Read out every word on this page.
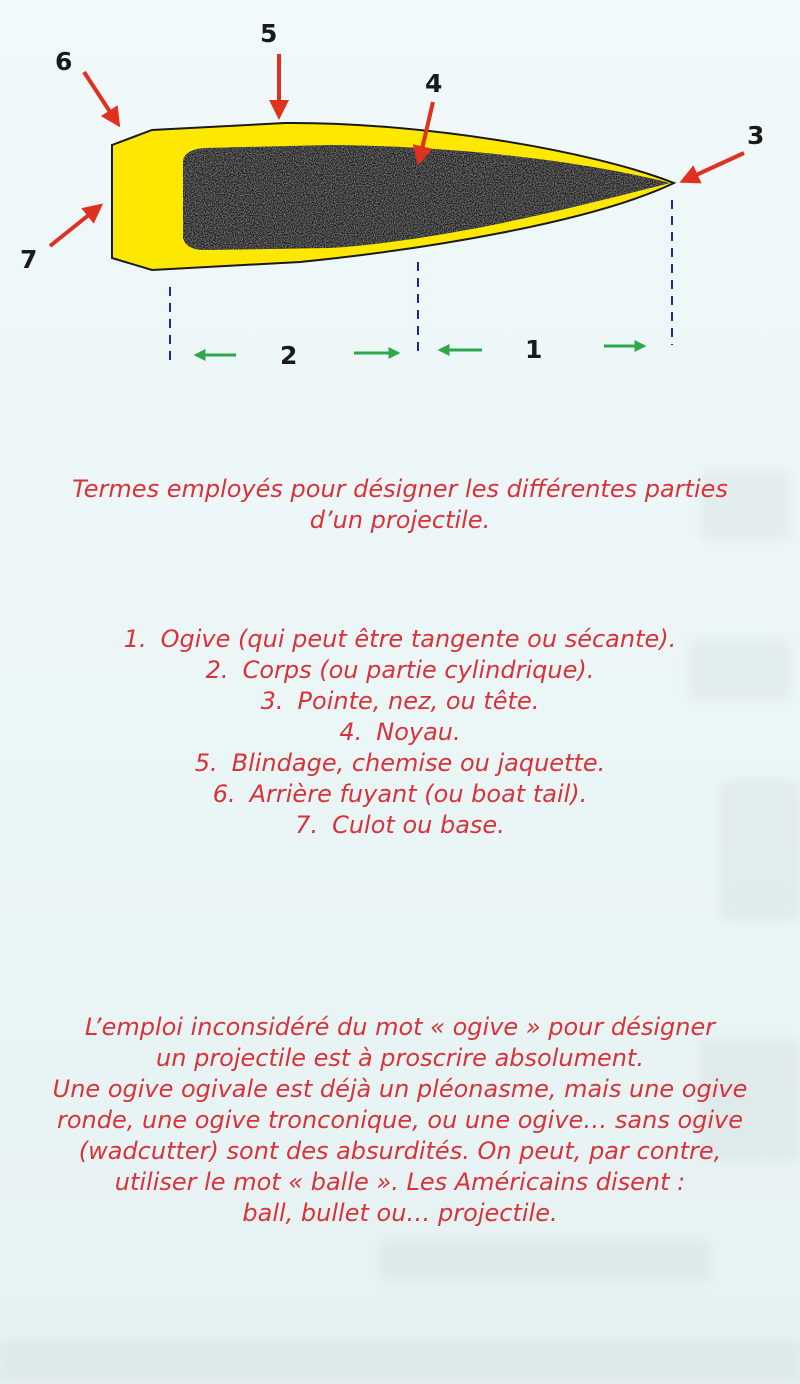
6
5
4
3
7
2	1

Termes employés pour désigner les différentes parties
d’un projectile.

1. Ogive (qui peut être tangente ou sécante).
2. Corps (ou partie cylindrique).
3. Pointe, nez, ou tête.
4. Noyau.
5. Blindage, chemise ou jaquette.
6. Arrière fuyant (ou boat tail).
7. Culot ou base.

L’emploi inconsidéré du mot « ogive » pour désigner
un projectile est à proscrire absolument.
Une ogive ogivale est déjà un pléonasme, mais une ogive
ronde, une ogive tronconique, ou une ogive… sans ogive
(wadcutter) sont des absurdités. On peut, par contre,
utiliser le mot « balle ». Les Américains disent :
ball, bullet ou… projectile.
